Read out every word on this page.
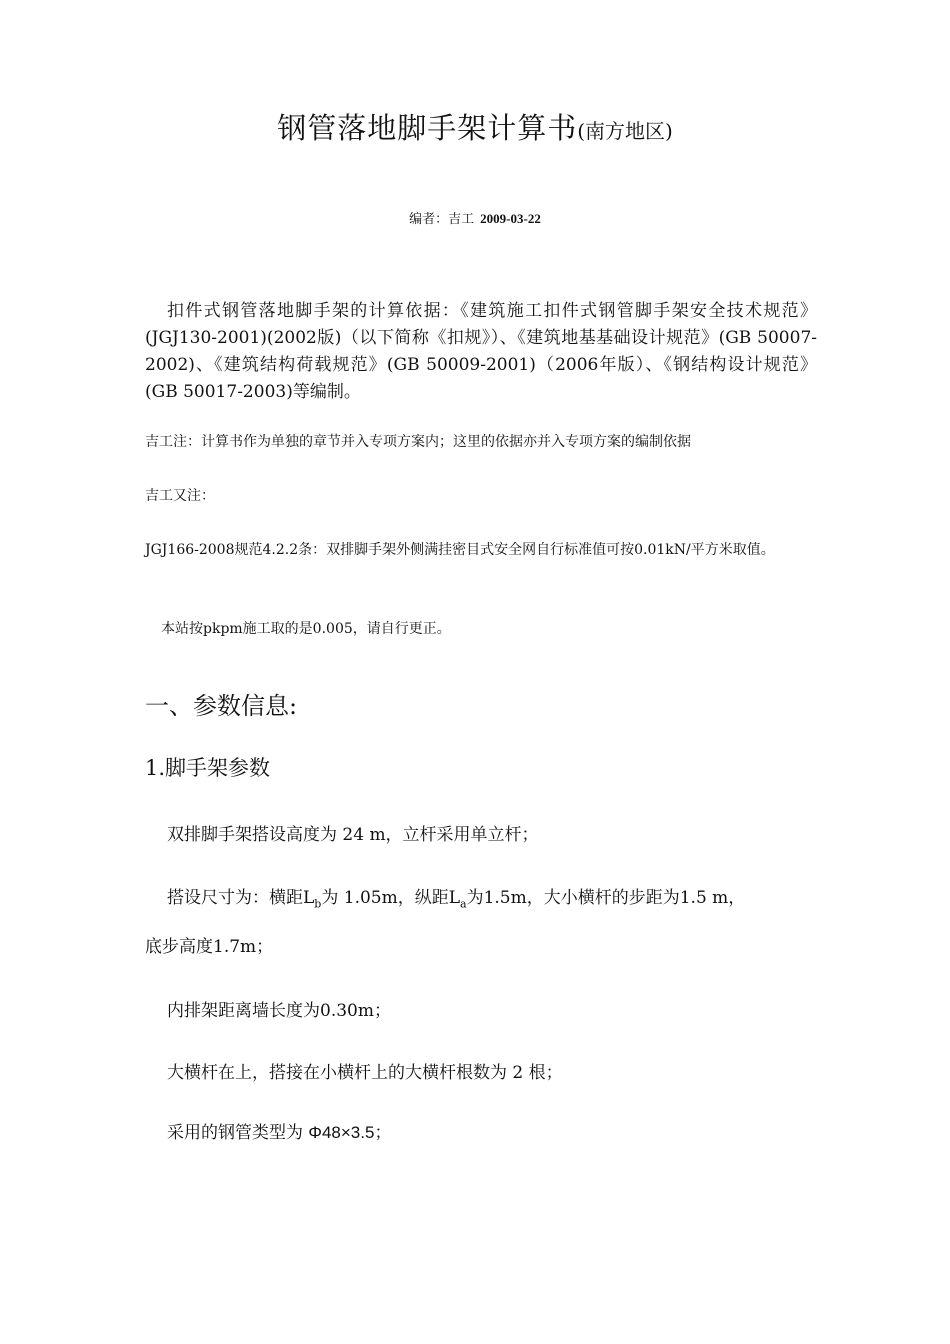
钢管落地脚手架计算书(南方地区)
编者：吉工 2009-03-22
扣件式钢管落地脚手架的计算依据：《建筑施工扣件式钢管脚手架安全技术规范》(JGJ130-2001)(2002版)（以下简称《扣规》）、《建筑地基基础设计规范》(GB 50007-2002)、《建筑结构荷载规范》(GB 50009-2001)（2006年版）、《钢结构设计规范》(GB 50017-2003)等编制。
吉工注：计算书作为单独的章节并入专项方案内；这里的依据亦并入专项方案的编制依据
吉工又注：
JGJ166-2008规范4.2.2条：双排脚手架外侧满挂密目式安全网自行标准值可按0.01kN/平方米取值。
本站按pkpm施工取的是0.005，请自行更正。
一、参数信息:
1.脚手架参数
双排脚手架搭设高度为 24 m，立杆采用单立杆；
搭设尺寸为：横距$L_b$为 1.05m，纵距$L_a$为1.5m，大小横杆的步距为1.5 m，
底步高度1.7m；
内排架距离墙长度为0.30m；
大横杆在上，搭接在小横杆上的大横杆根数为 2 根；
采用的钢管类型为 Φ48×3.5；
